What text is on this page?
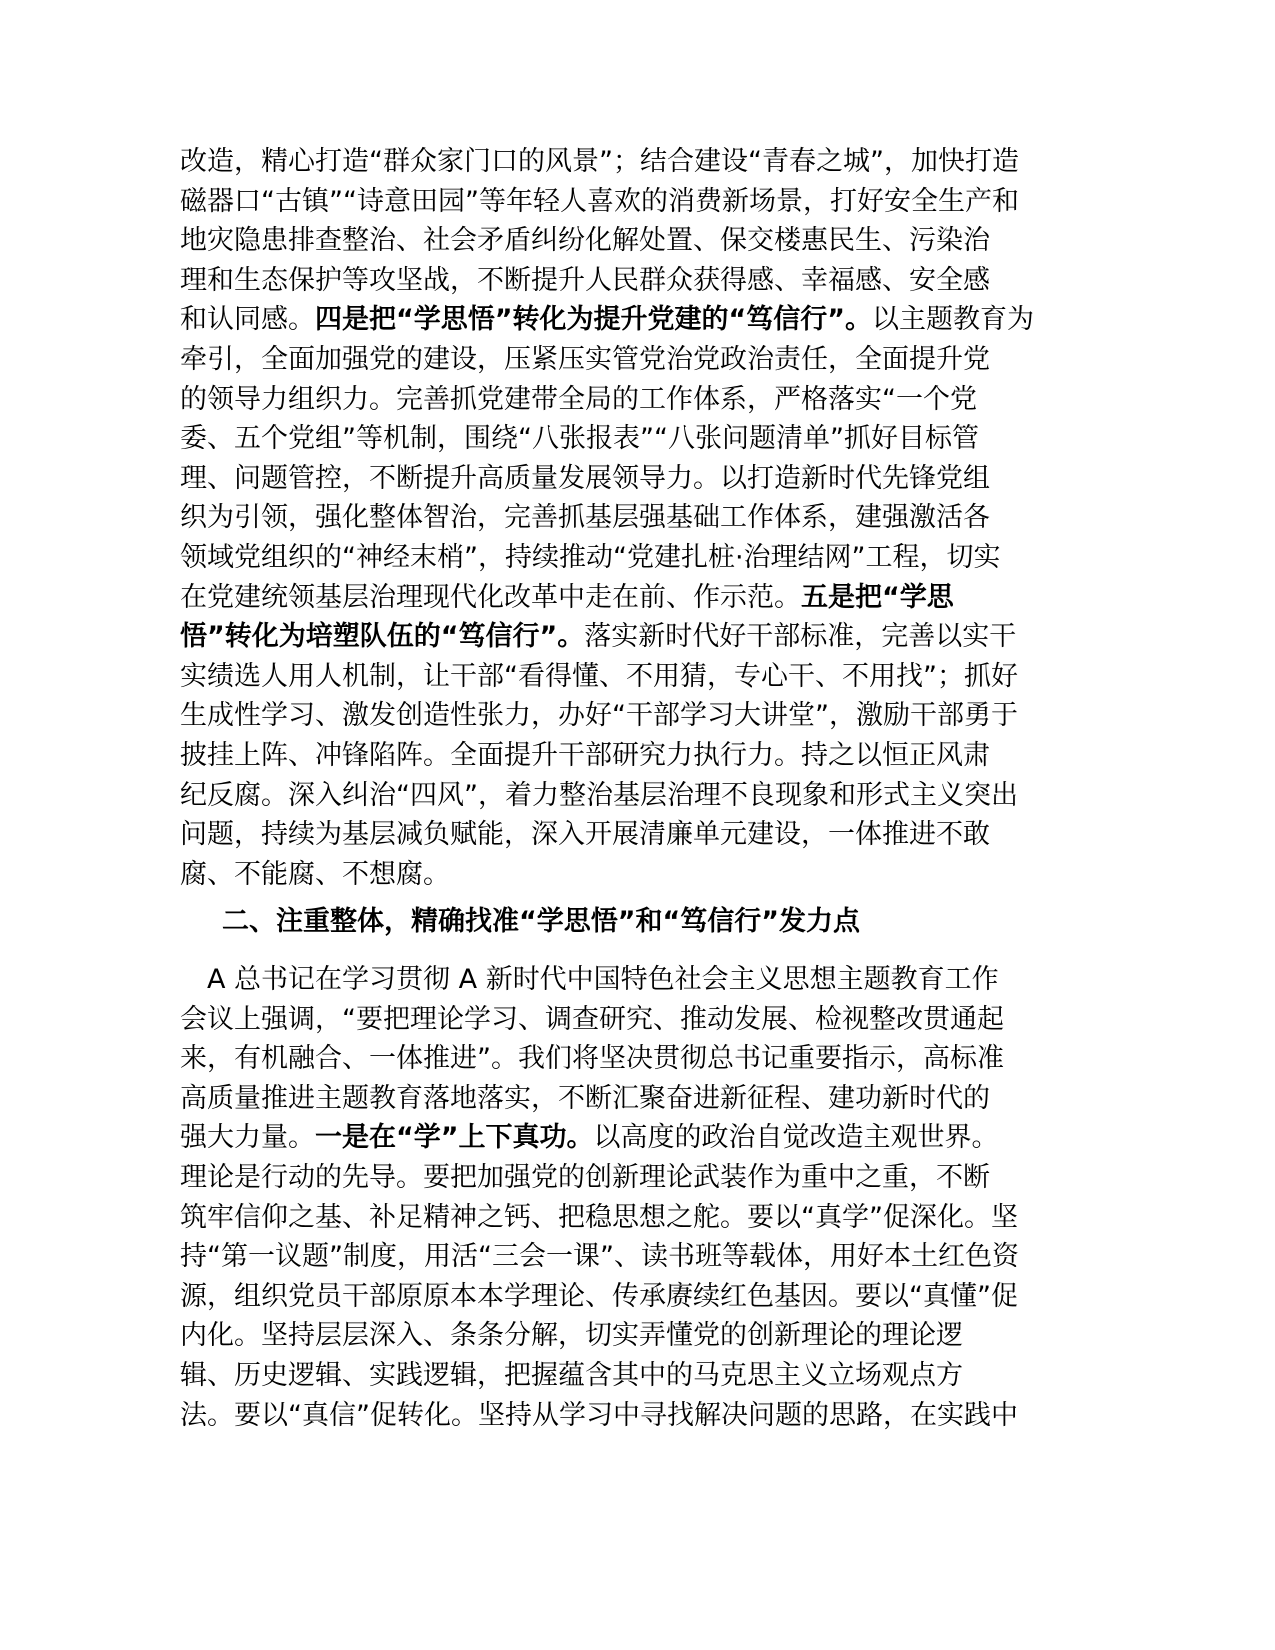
改造，精心打造“群众家门口的风景”；结合建设“青春之城”，加快打造
磁器口“古镇”“诗意田园”等年轻人喜欢的消费新场景，打好安全生产和
地灾隐患排查整治、社会矛盾纠纷化解处置、保交楼惠民生、污染治
理和生态保护等攻坚战，不断提升人民群众获得感、幸福感、安全感
和认同感。四是把“学思悟”转化为提升党建的“笃信行”。以主题教育为
牵引，全面加强党的建设，压紧压实管党治党政治责任，全面提升党
的领导力组织力。完善抓党建带全局的工作体系，严格落实“一个党
委、五个党组”等机制，围绕“八张报表”“八张问题清单”抓好目标管
理、问题管控，不断提升高质量发展领导力。以打造新时代先锋党组
织为引领，强化整体智治，完善抓基层强基础工作体系，建强激活各
领域党组织的“神经末梢”，持续推动“党建扎桩·治理结网”工程，切实
在党建统领基层治理现代化改革中走在前、作示范。五是把“学思
悟”转化为培塑队伍的“笃信行”。落实新时代好干部标准，完善以实干
实绩选人用人机制，让干部“看得懂、不用猜，专心干、不用找”；抓好
生成性学习、激发创造性张力，办好“干部学习大讲堂”，激励干部勇于
披挂上阵、冲锋陷阵。全面提升干部研究力执行力。持之以恒正风肃
纪反腐。深入纠治“四风”，着力整治基层治理不良现象和形式主义突出
问题，持续为基层减负赋能，深入开展清廉单元建设，一体推进不敢
腐、不能腐、不想腐。
二、注重整体，精确找准“学思悟”和“笃信行”发力点
　A 总书记在学习贯彻 A 新时代中国特色社会主义思想主题教育工作
会议上强调，“要把理论学习、调查研究、推动发展、检视整改贯通起
来，有机融合、一体推进”。我们将坚决贯彻总书记重要指示，高标准
高质量推进主题教育落地落实，不断汇聚奋进新征程、建功新时代的
强大力量。一是在“学”上下真功。以高度的政治自觉改造主观世界。
理论是行动的先导。要把加强党的创新理论武装作为重中之重，不断
筑牢信仰之基、补足精神之钙、把稳思想之舵。要以“真学”促深化。坚
持“第一议题”制度，用活“三会一课”、读书班等载体，用好本土红色资
源，组织党员干部原原本本学理论、传承赓续红色基因。要以“真懂”促
内化。坚持层层深入、条条分解，切实弄懂党的创新理论的理论逻
辑、历史逻辑、实践逻辑，把握蕴含其中的马克思主义立场观点方
法。要以“真信”促转化。坚持从学习中寻找解决问题的思路，在实践中
